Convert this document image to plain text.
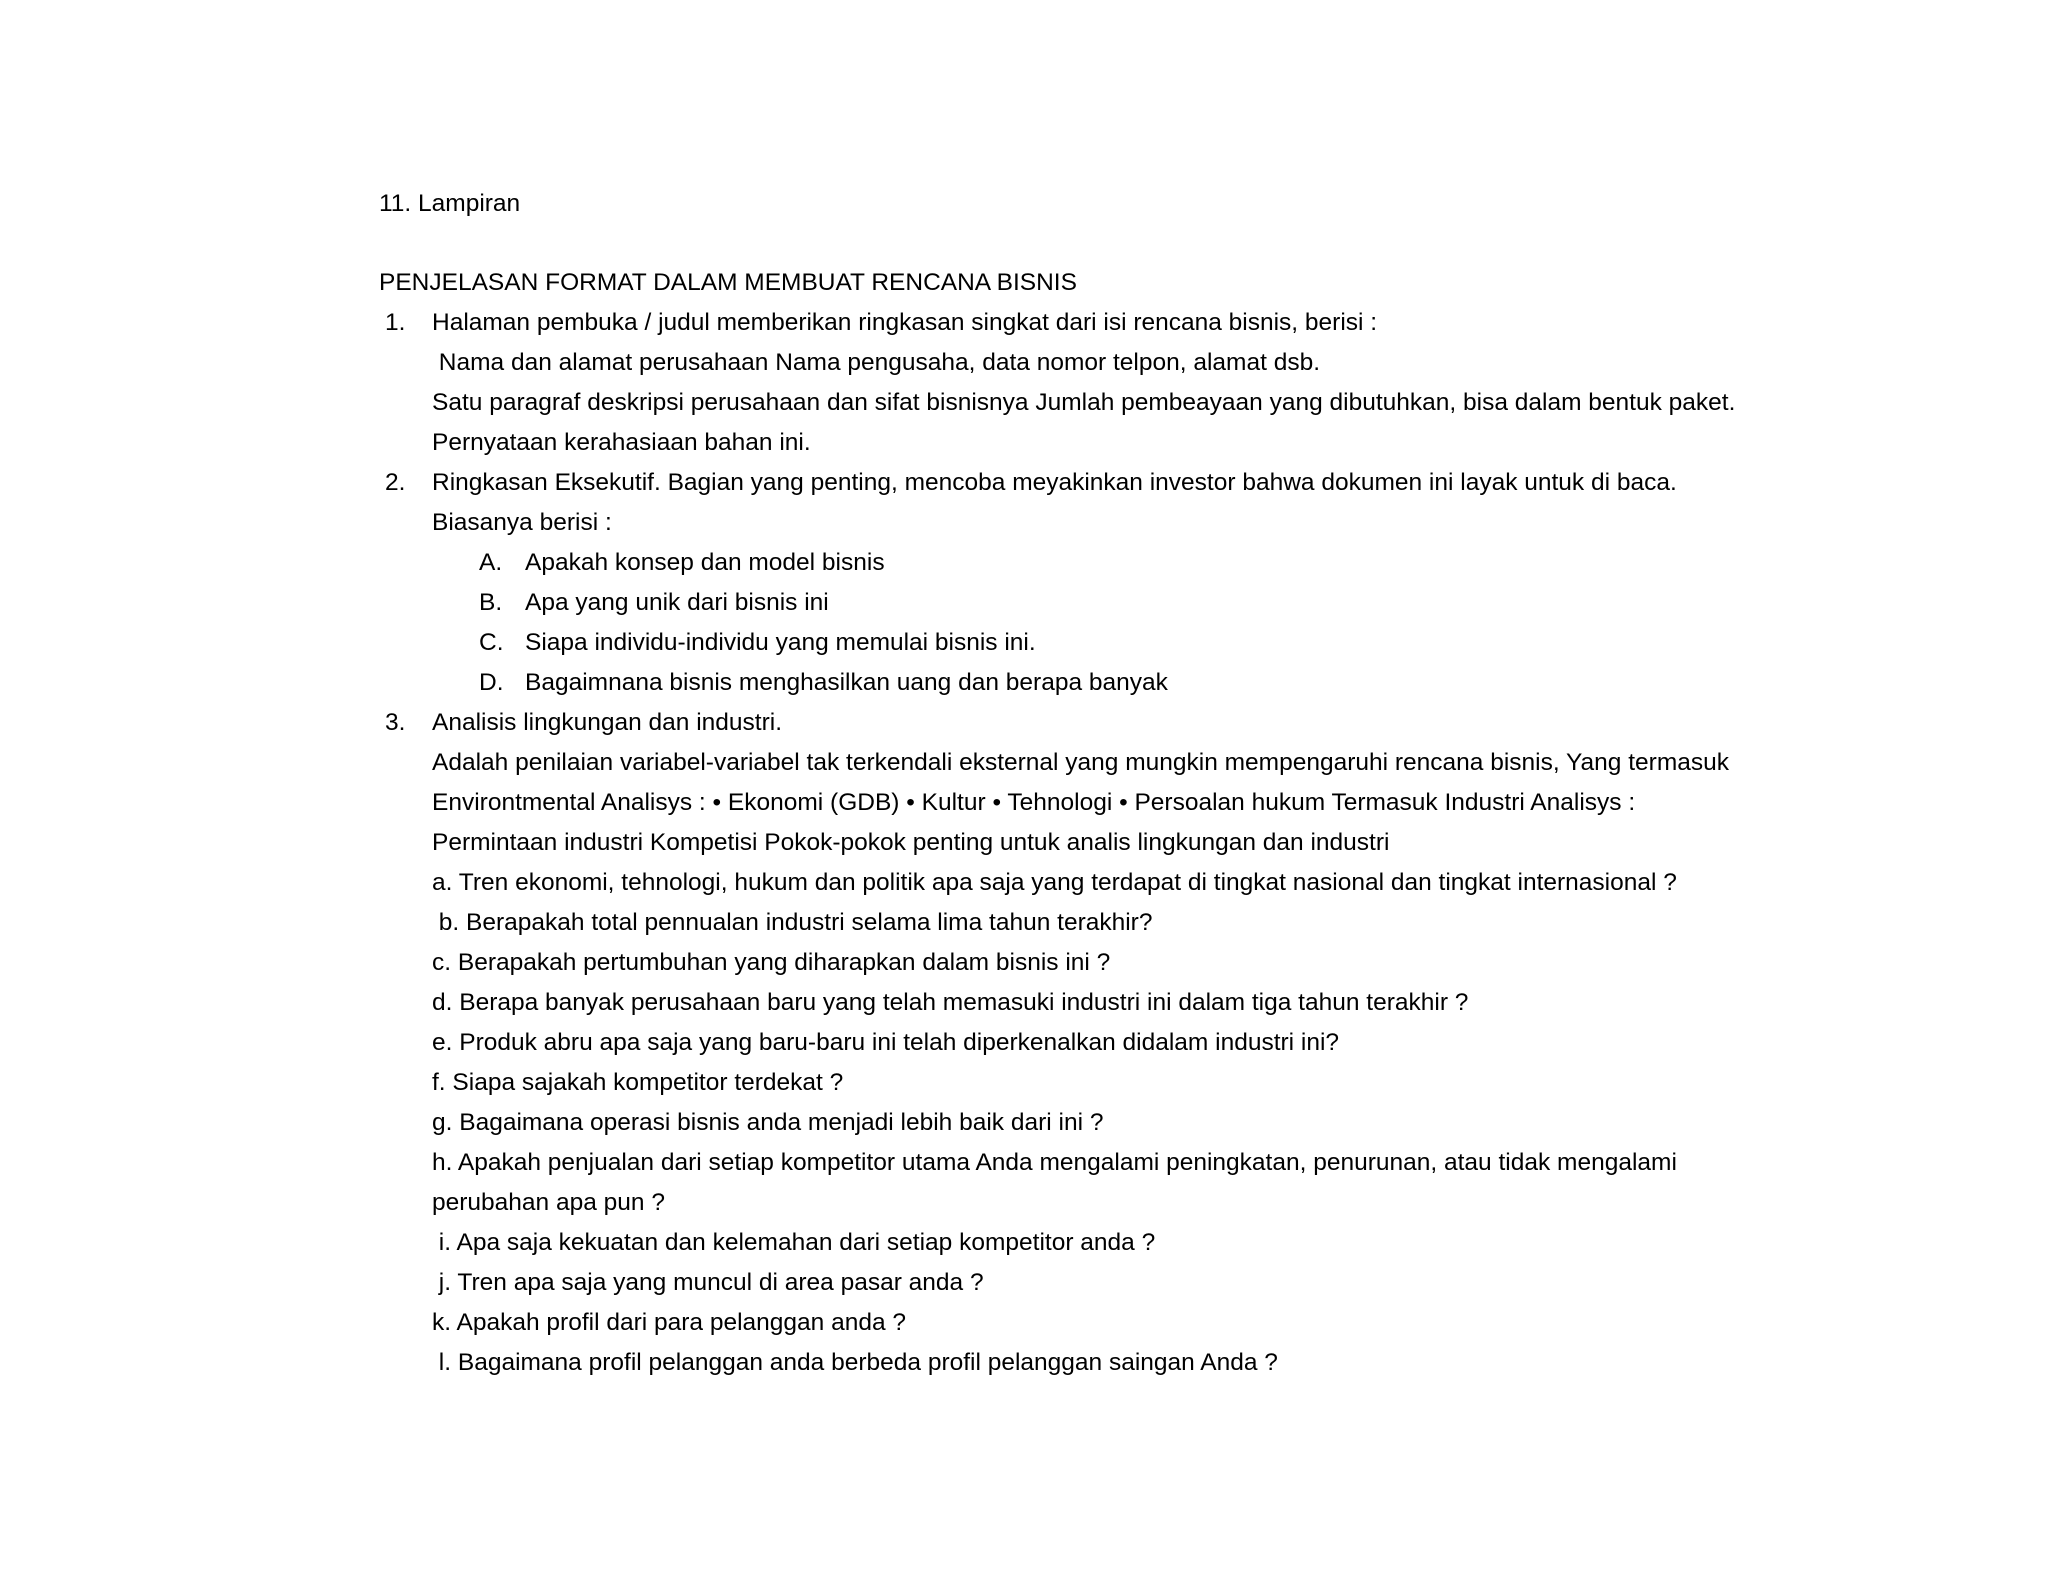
11. Lampiran
PENJELASAN FORMAT DALAM MEMBUAT RENCANA BISNIS
1. Halaman pembuka / judul memberikan ringkasan singkat dari isi rencana bisnis, berisi :
Nama dan alamat perusahaan Nama pengusaha, data nomor telpon, alamat dsb.
Satu paragraf deskripsi perusahaan dan sifat bisnisnya Jumlah pembeayaan yang dibutuhkan, bisa dalam bentuk paket.
Pernyataan kerahasiaan bahan ini.
2. Ringkasan Eksekutif. Bagian yang penting, mencoba meyakinkan investor bahwa dokumen ini layak untuk di baca.
Biasanya berisi :
A. Apakah konsep dan model bisnis
B. Apa yang unik dari bisnis ini
C. Siapa individu-individu yang memulai bisnis ini.
D. Bagaimnana bisnis menghasilkan uang dan berapa banyak
3. Analisis lingkungan dan industri.
Adalah penilaian variabel-variabel tak terkendali eksternal yang mungkin mempengaruhi rencana bisnis, Yang termasuk
Environtmental Analisys : • Ekonomi (GDB) • Kultur • Tehnologi • Persoalan hukum Termasuk Industri Analisys :
Permintaan industri Kompetisi Pokok-pokok penting untuk analis lingkungan dan industri
a. Tren ekonomi, tehnologi, hukum dan politik apa saja yang terdapat di tingkat nasional dan tingkat internasional ?
b. Berapakah total pennualan industri selama lima tahun terakhir?
c. Berapakah pertumbuhan yang diharapkan dalam bisnis ini ?
d. Berapa banyak perusahaan baru yang telah memasuki industri ini dalam tiga tahun terakhir ?
e. Produk abru apa saja yang baru-baru ini telah diperkenalkan didalam industri ini?
f. Siapa sajakah kompetitor terdekat ?
g. Bagaimana operasi bisnis anda menjadi lebih baik dari ini ?
h. Apakah penjualan dari setiap kompetitor utama Anda mengalami peningkatan, penurunan, atau tidak mengalami
perubahan apa pun ?
i. Apa saja kekuatan dan kelemahan dari setiap kompetitor anda ?
j. Tren apa saja yang muncul di area pasar anda ?
k. Apakah profil dari para pelanggan anda ?
l. Bagaimana profil pelanggan anda berbeda profil pelanggan saingan Anda ?
